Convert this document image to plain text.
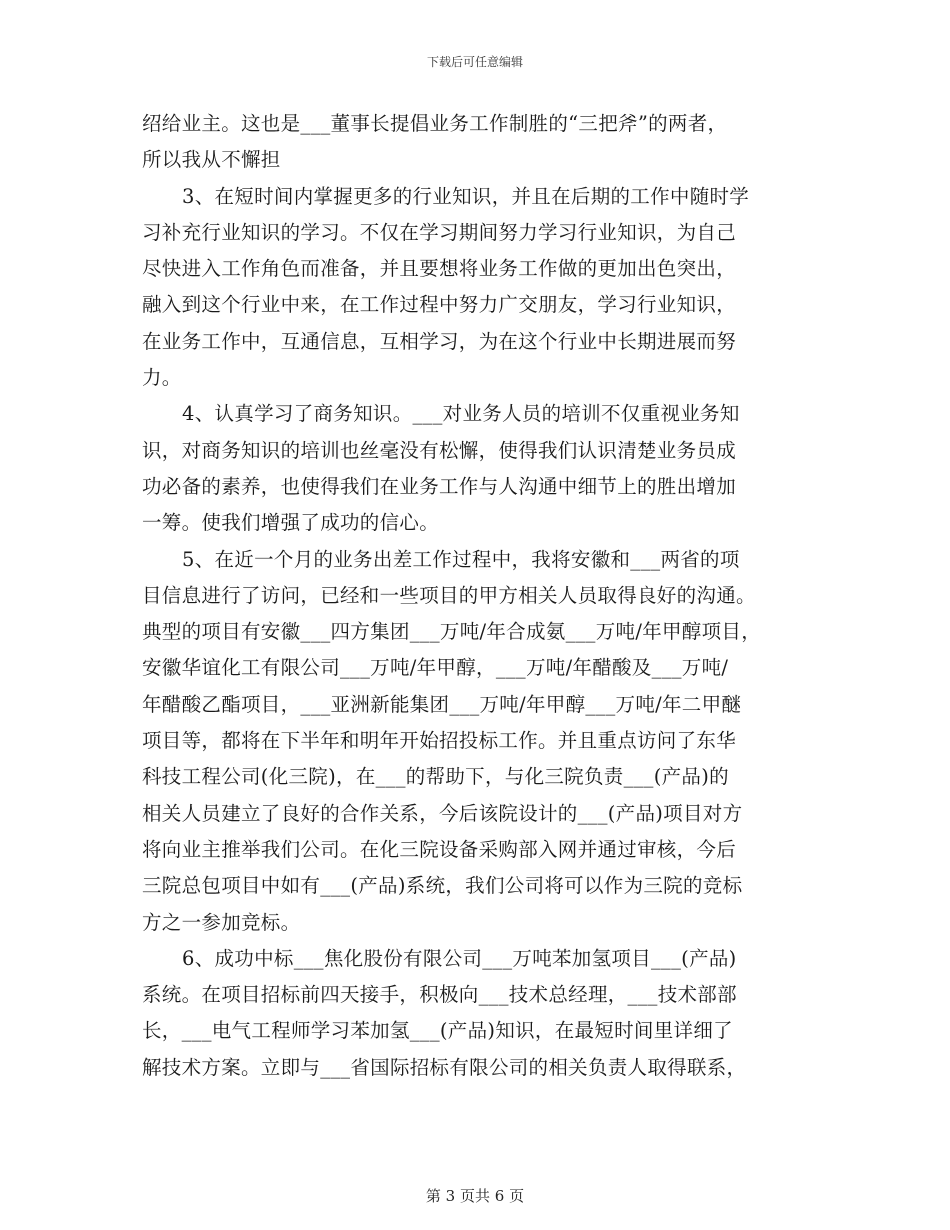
下载后可任意编辑
绍给业主。这也是___董事长提倡业务工作制胜的“三把斧”的两者，
所以我从不懈担
3、在短时间内掌握更多的行业知识，并且在后期的工作中随时学
习补充行业知识的学习。不仅在学习期间努力学习行业知识，为自己
尽快进入工作角色而准备，并且要想将业务工作做的更加出色突出，
融入到这个行业中来，在工作过程中努力广交朋友，学习行业知识，
在业务工作中，互通信息，互相学习，为在这个行业中长期进展而努
力。
4、认真学习了商务知识。___对业务人员的培训不仅重视业务知
识，对商务知识的培训也丝毫没有松懈，使得我们认识清楚业务员成
功必备的素养，也使得我们在业务工作与人沟通中细节上的胜出增加
一筹。使我们增强了成功的信心。
5、在近一个月的业务出差工作过程中，我将安徽和___两省的项
目信息进行了访问，已经和一些项目的甲方相关人员取得良好的沟通。
典型的项目有安徽___四方集团___万吨/年合成氨___万吨/年甲醇项目，
安徽华谊化工有限公司___万吨/年甲醇，___万吨/年醋酸及___万吨/
年醋酸乙酯项目，___亚洲新能集团___万吨/年甲醇___万吨/年二甲醚
项目等，都将在下半年和明年开始招投标工作。并且重点访问了东华
科技工程公司(化三院)，在___的帮助下，与化三院负责___(产品)的
相关人员建立了良好的合作关系，今后该院设计的___(产品)项目对方
将向业主推举我们公司。在化三院设备采购部入网并通过审核，今后
三院总包项目中如有___(产品)系统，我们公司将可以作为三院的竞标
方之一参加竞标。
6、成功中标___焦化股份有限公司___万吨苯加氢项目___(产品)
系统。在项目招标前四天接手，积极向___技术总经理，___技术部部
长，___电气工程师学习苯加氢___(产品)知识，在最短时间里详细了
解技术方案。立即与___省国际招标有限公司的相关负责人取得联系，
第 3 页共 6 页
